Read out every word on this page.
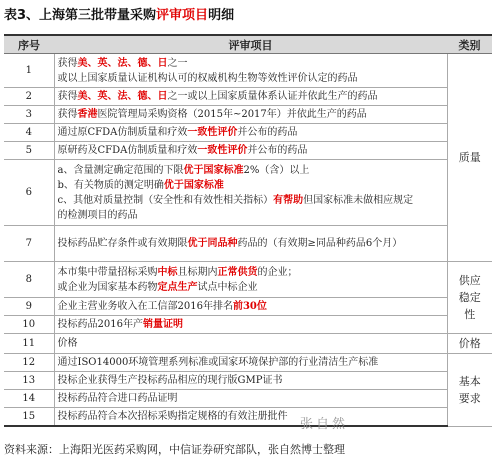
表3、上海第三批带量采购评审项目明细
序号	评审项目	类别
1	获得美、英、法、德、日之一
或以上国家质量认证机构认可的权威机构生物等效性评价认定的药品	质量
2	获得美、英、法、德、日之一或以上国家质量体系认证并依此生产的药品	

3	获得香港医院管理局采购资格（2015年~2017年）并依此生产的药品	

4	通过原CFDA仿制质量和疗效一致性评价并公布的药品	

5	原研药及CFDA仿制质量和疗效一致性评价并公布的药品	

6	a、含量测定确定范围的下限优于国家标准2%（含）以上
b、有关物质的测定明确优于国家标准
c、其他对质量控制（安全性和有效性相关指标）有帮助但国家标准未做相应规定
的检测项目的药品	

7	投标药品贮存条件或有效期限优于同品种药品的（有效期≥同品种药品6个月）	

8	本市集中带量招标采购中标且标期内正常供货的企业；
或企业为国家基本药物定点生产试点中标企业	供应稳定性
9	企业主营业务收入在工信部2016年排名前30位	

10	投标药品2016年产销量证明	

11	价格	价格
12	通过ISO14000环境管理系列标准或国家环境保护部的行业清洁生产标准	基本要求
13	投标企业获得生产投标药品相应的现行版GMP证书	

14	投标药品符合进口药品证明	

15	投标药品符合本次招标采购指定规格的有效注册批件	
张自然
资料来源：上海阳光医药采购网，中信证券研究部队，张自然博士整理
